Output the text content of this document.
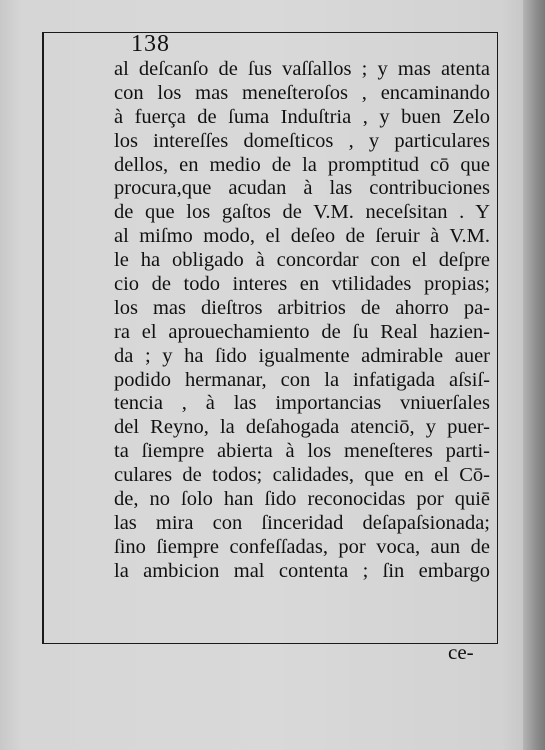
138
al deſcanſo de ſus vaſſallos ; y mas atenta
con los mas meneſteroſos , encaminando
à fuerça de ſuma Induſtria , y buen Zelo
los intereſſes domeſticos , y particulares
dellos, en medio de la promptitud cō que
procura,que acudan à las contribuciones
de que los gaſtos de V.M. neceſsitan . Y
al miſmo modo, el deſeo de ſeruir à V.M.
le ha obligado à concordar con el deſpre
cio de todo interes en vtilidades propias;
los mas dieſtros arbitrios de ahorro pa-
ra el aprouechamiento de ſu Real hazien-
da ; y ha ſido igualmente admirable auer
podido hermanar, con la infatigada aſsiſ-
tencia , à las importancias vniuerſales
del Reyno, la deſahogada atenciō, y puer-
ta ſiempre abierta à los meneſteres parti-
culares de todos; calidades, que en el Cō-
de, no ſolo han ſido reconocidas por quiē
las mira con ſinceridad deſapaſsionada;
ſino ſiempre confeſſadas, por voca, aun de
la ambicion mal contenta ; ſin embargo
ce-
